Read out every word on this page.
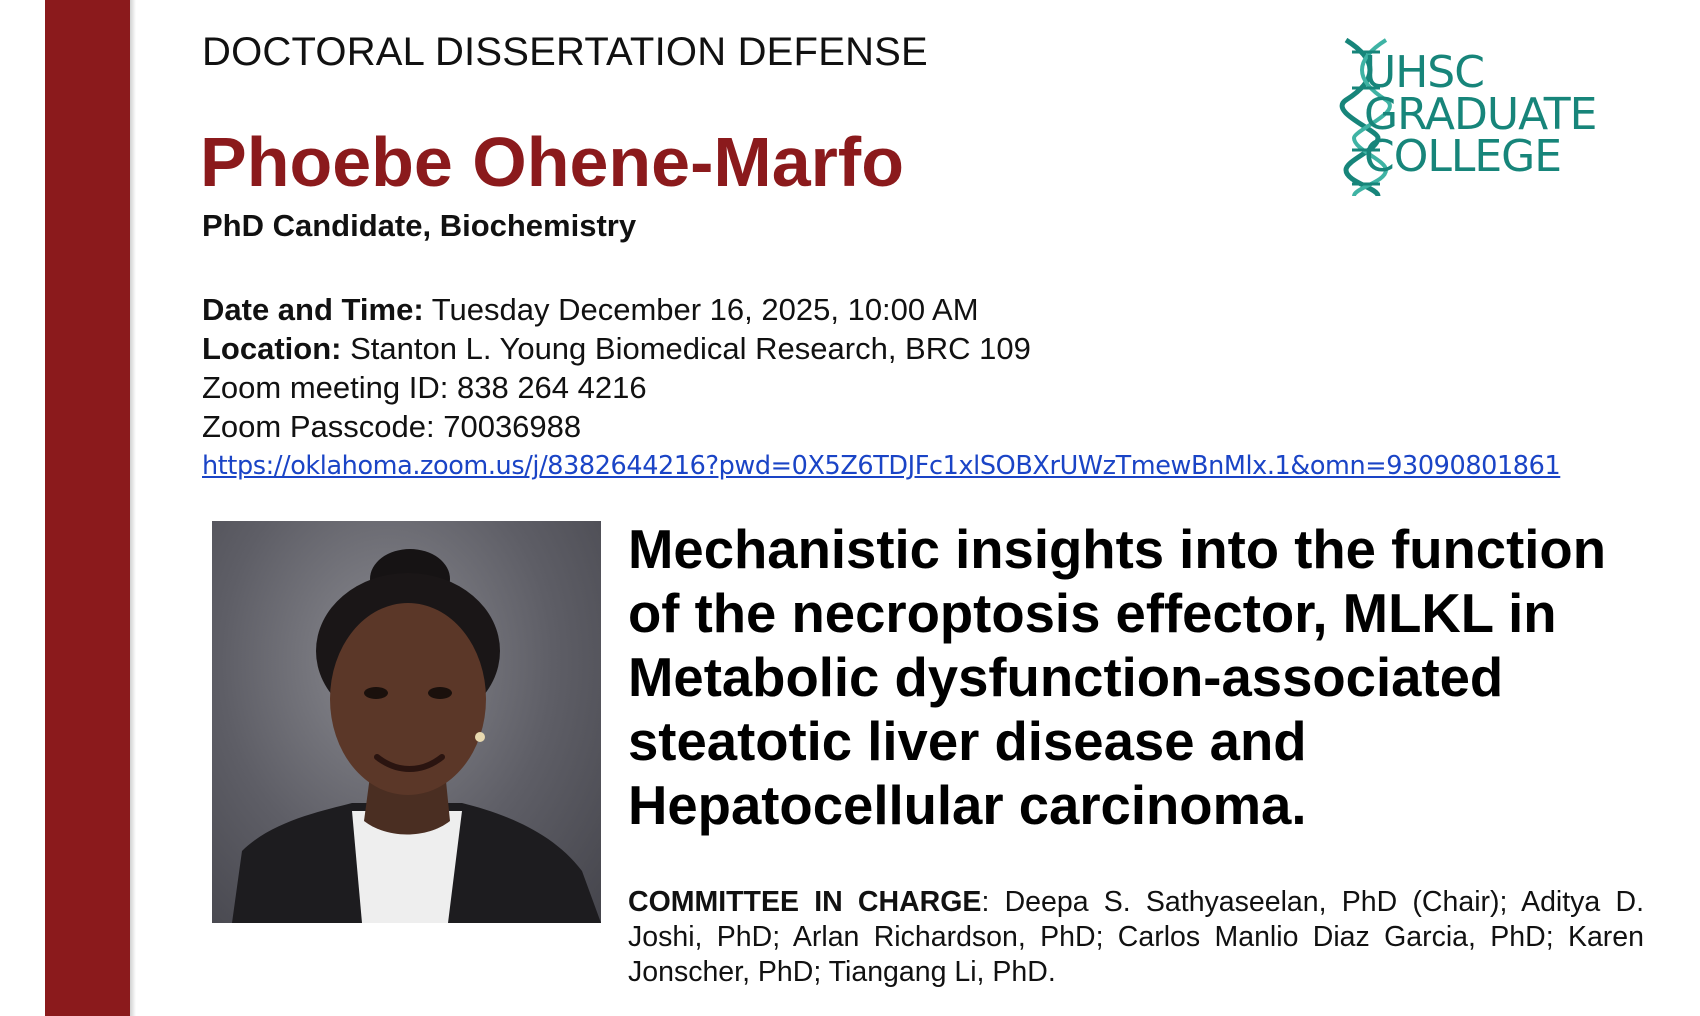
DOCTORAL DISSERTATION DEFENSE
Phoebe Ohene-Marfo
PhD Candidate, Biochemistry
Date and Time: Tuesday December 16, 2025, 10:00 AM
Location: Stanton L. Young Biomedical Research, BRC 109
Zoom meeting ID: 838 264 4216
Zoom Passcode: 70036988
https://oklahoma.zoom.us/j/8382644216?pwd=0X5Z6TDJFc1xlSOBXrUWzTmewBnMlx.1&omn=93090801861
UHSC
GRADUATE
COLLEGE
Mechanistic insights into the function
of the necroptosis effector, MLKL in
Metabolic dysfunction-associated
steatotic liver disease and
Hepatocellular carcinoma.
COMMITTEE IN CHARGE: Deepa S. Sathyaseelan, PhD (Chair); Aditya D. Joshi, PhD; Arlan Richardson, PhD; Carlos Manlio Diaz Garcia, PhD; Karen Jonscher, PhD; Tiangang Li, PhD.
